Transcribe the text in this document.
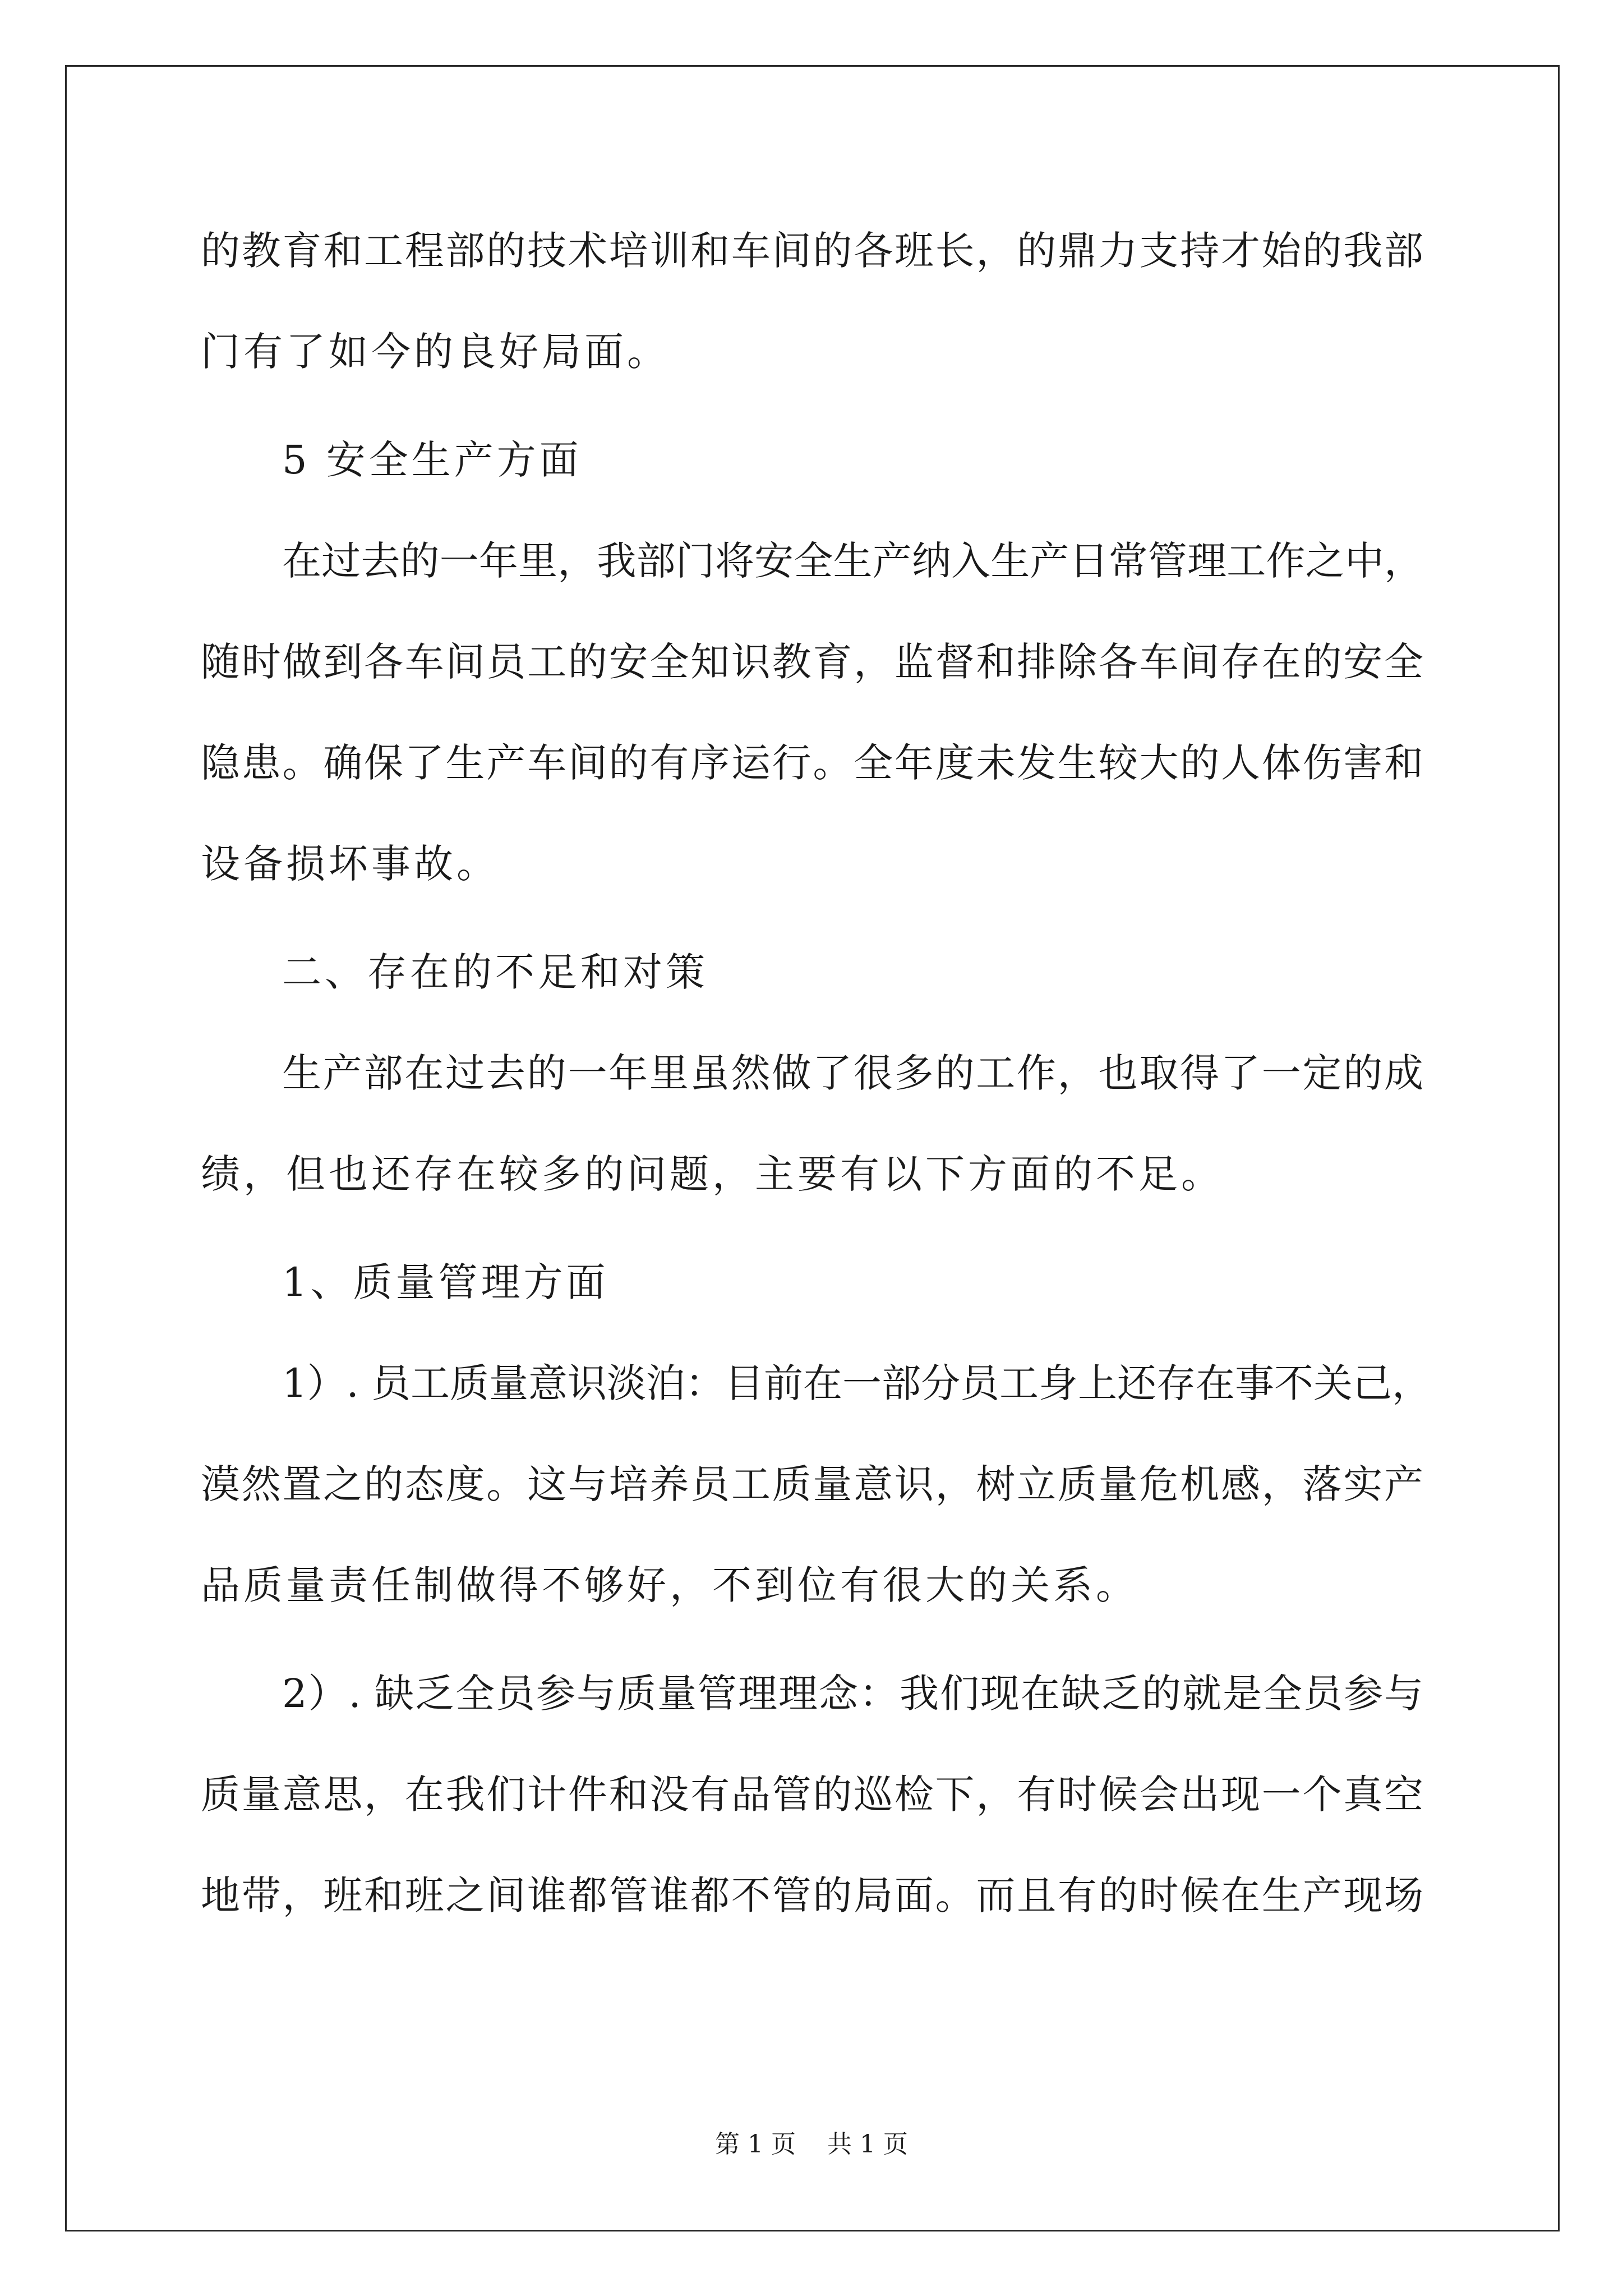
的教育和工程部的技术培训和车间的各班长，的鼎力支持才始的我部
门有了如今的良好局面。
5 安全生产方面
在过去的一年里，我部门将安全生产纳入生产日常管理工作之中，
随时做到各车间员工的安全知识教育，监督和排除各车间存在的安全
隐患。确保了生产车间的有序运行。全年度未发生较大的人体伤害和
设备损坏事故。
二、存在的不足和对策
生产部在过去的一年里虽然做了很多的工作，也取得了一定的成
绩，但也还存在较多的问题，主要有以下方面的不足。
1、质量管理方面
1）. 员工质量意识淡泊：目前在一部分员工身上还存在事不关己，
漠然置之的态度。这与培养员工质量意识，树立质量危机感，落实产
品质量责任制做得不够好，不到位有很大的关系。
2）. 缺乏全员参与质量管理理念：我们现在缺乏的就是全员参与
质量意思，在我们计件和没有品管的巡检下，有时候会出现一个真空
地带，班和班之间谁都管谁都不管的局面。而且有的时候在生产现场
第 1 页    共 1 页
